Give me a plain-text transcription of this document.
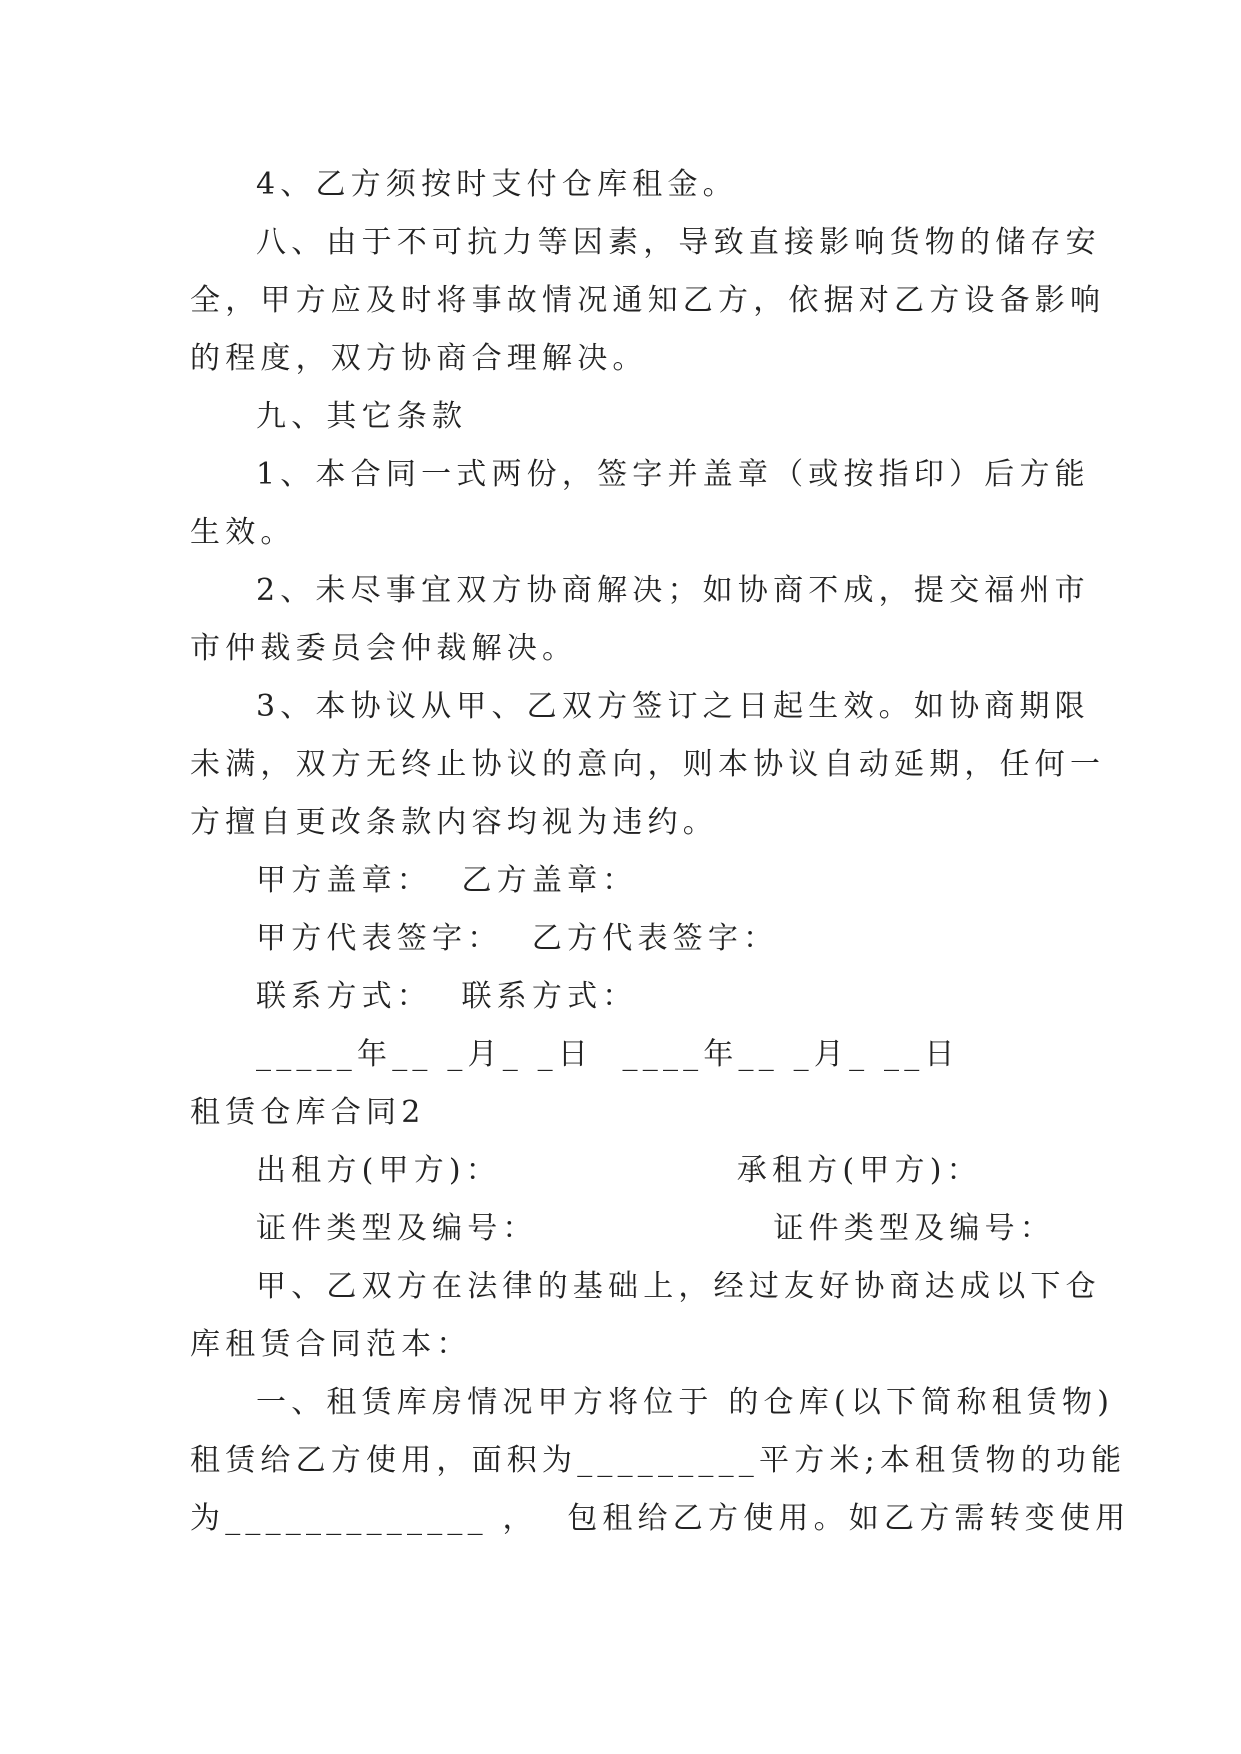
4、乙方须按时支付仓库租金。

八、由于不可抗力等因素，导致直接影响货物的储存安

全，甲方应及时将事故情况通知乙方，依据对乙方设备影响

的程度，双方协商合理解决。

九、其它条款

1、本合同一式两份，签字并盖章（或按指印）后方能

生效。

2、未尽事宜双方协商解决；如协商不成，提交福州市

市仲裁委员会仲裁解决。

3、本协议从甲、乙双方签订之日起生效。如协商期限

未满，双方无终止协议的意向，则本协议自动延期，任何一

方擅自更改条款内容均视为违约。

甲方盖章：  乙方盖章：

甲方代表签字：  乙方代表签字：

联系方式：  联系方式：

_____年__ _月_ _日  ____年__ _月_ __日

租赁仓库合同2

出租方(甲方)：                承租方(甲方)：

证件类型及编号：                证件类型及编号：

甲、乙双方在法律的基础上，经过友好协商达成以下仓

库租赁合同范本：

一、租赁库房情况甲方将位于 的仓库(以下简称租赁物)

租赁给乙方使用，面积为_________平方米;本租赁物的功能

为_____________ ，  包租给乙方使用。如乙方需转变使用
